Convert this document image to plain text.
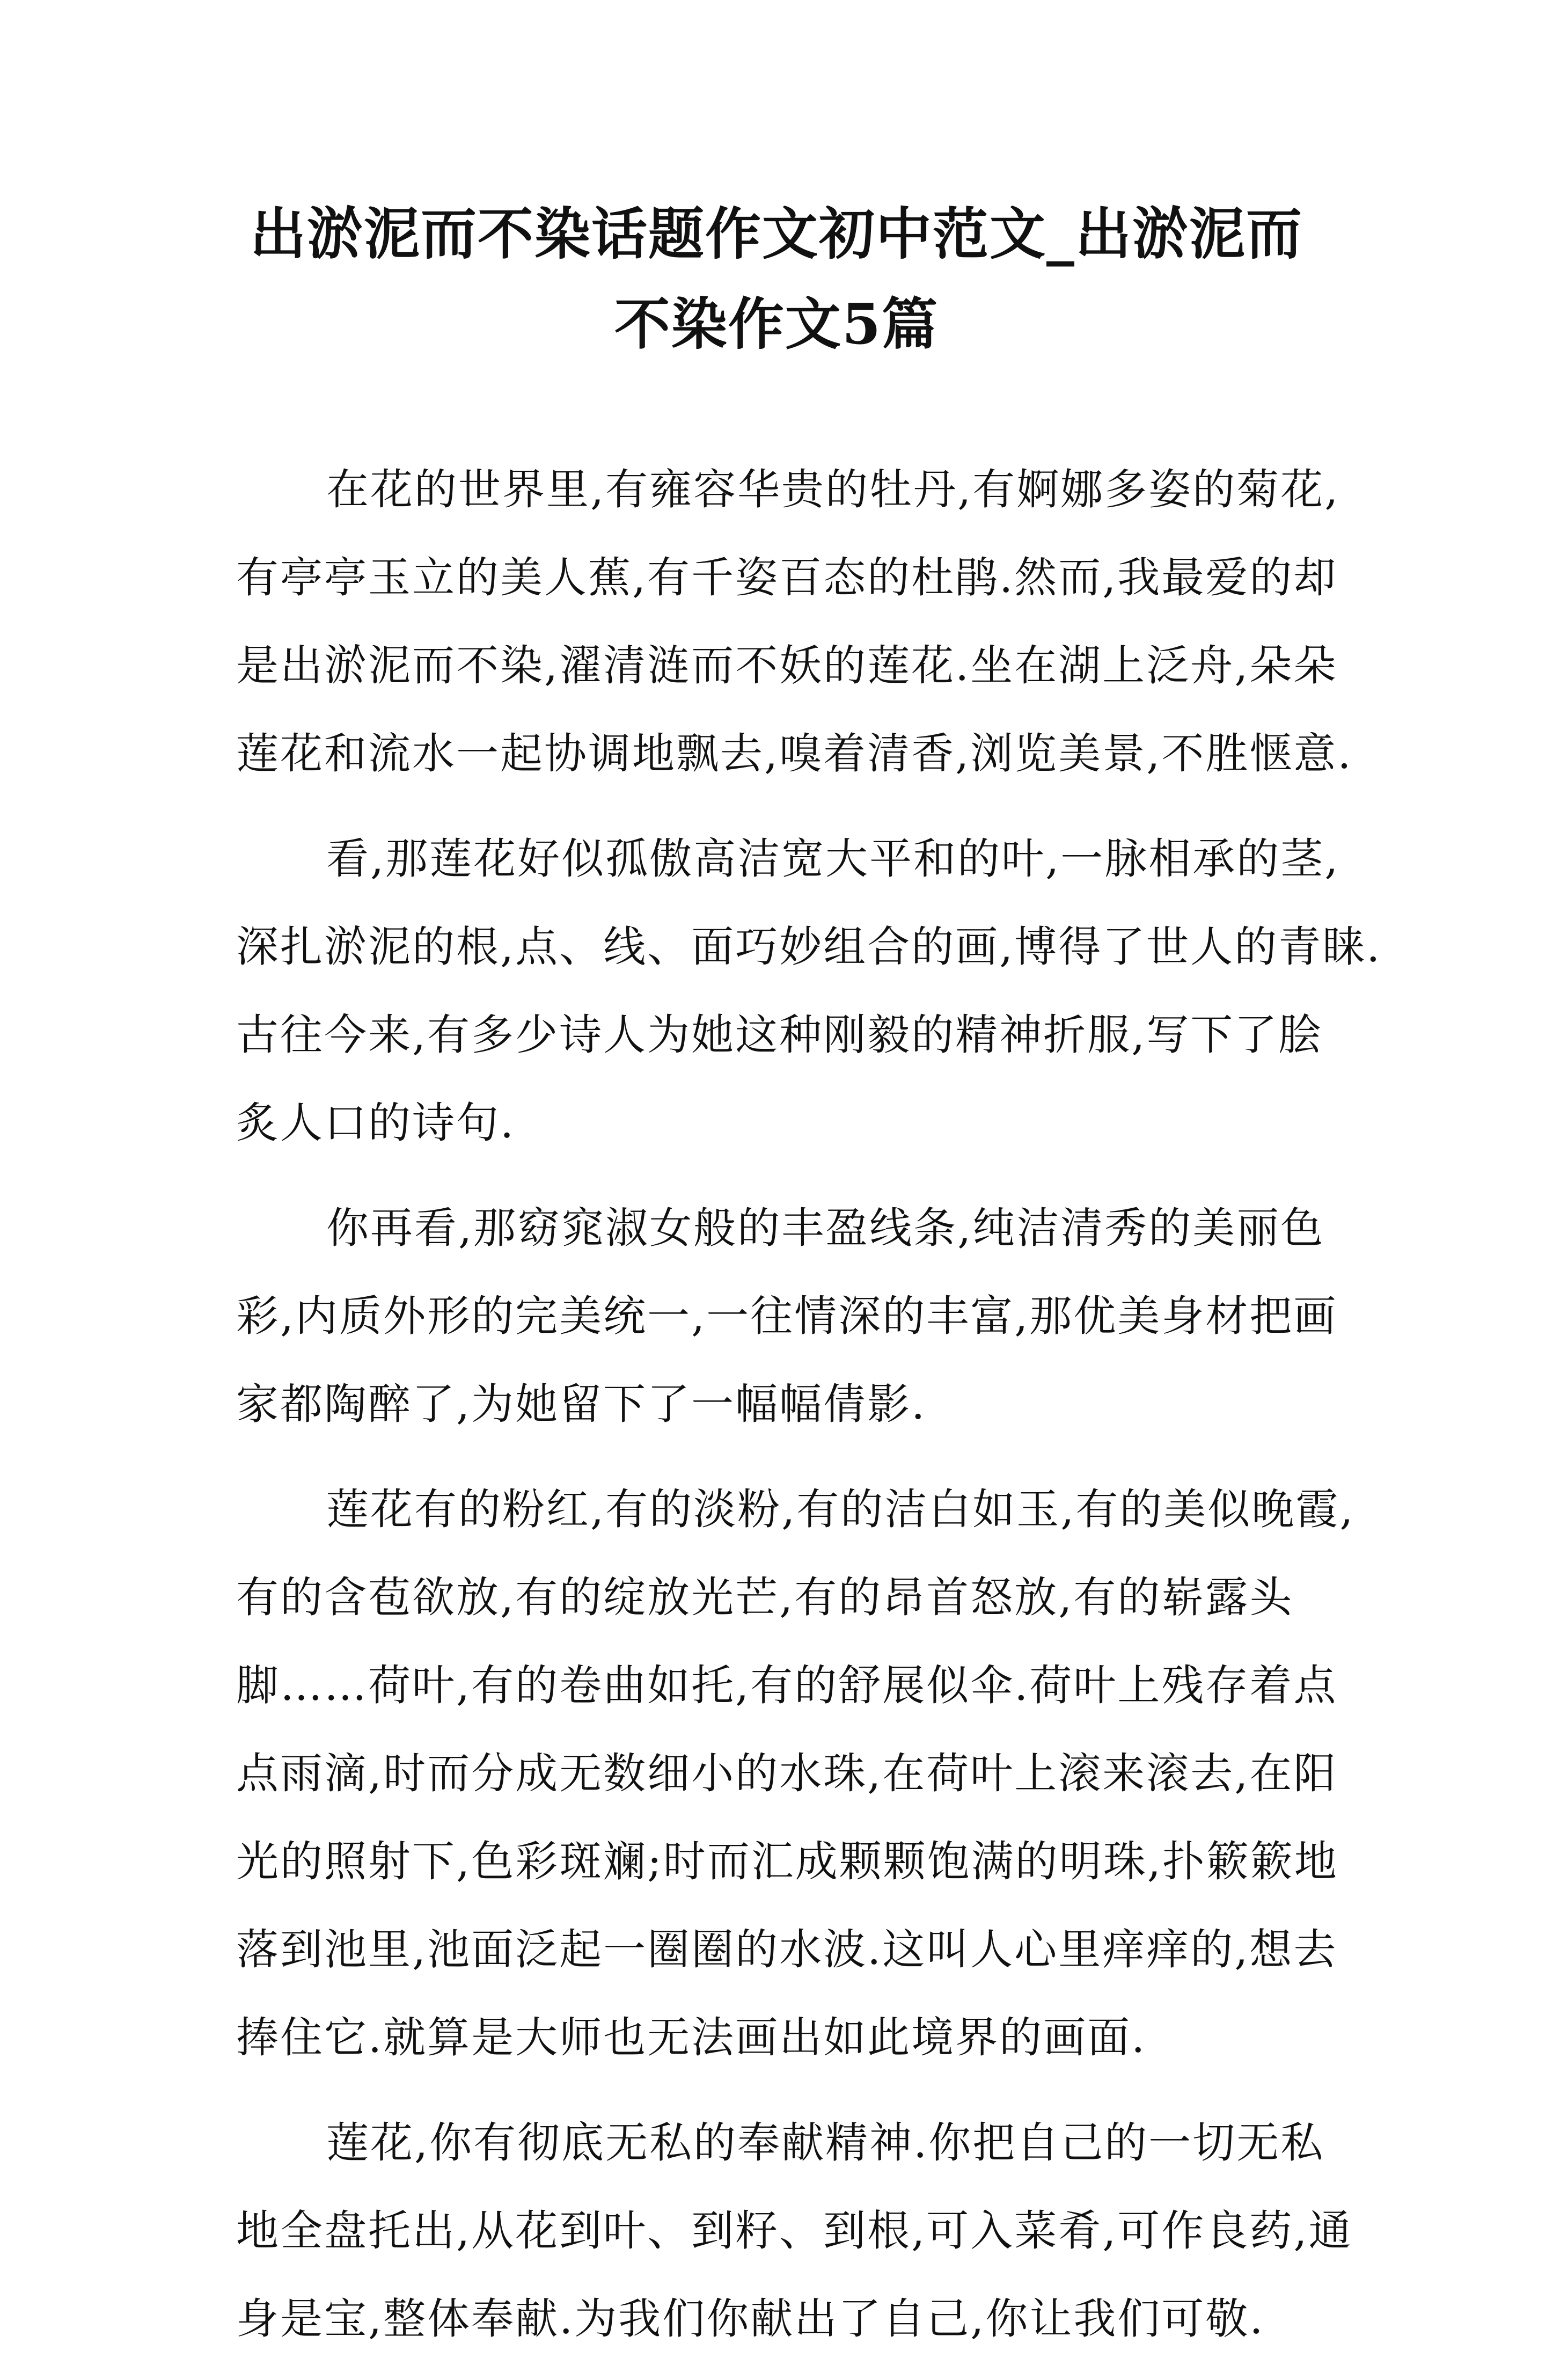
出淤泥而不染话题作文初中范文_出淤泥而
不染作文5篇

在花的世界里,有雍容华贵的牡丹,有婀娜多姿的菊花,
有亭亭玉立的美人蕉,有千姿百态的杜鹃.然而,我最爱的却
是出淤泥而不染,濯清涟而不妖的莲花.坐在湖上泛舟,朵朵
莲花和流水一起协调地飘去,嗅着清香,浏览美景,不胜惬意.

看,那莲花好似孤傲高洁宽大平和的叶,一脉相承的茎,
深扎淤泥的根,点、线、面巧妙组合的画,博得了世人的青睐.
古往今来,有多少诗人为她这种刚毅的精神折服,写下了脍
炙人口的诗句.

你再看,那窈窕淑女般的丰盈线条,纯洁清秀的美丽色
彩,内质外形的完美统一,一往情深的丰富,那优美身材把画
家都陶醉了,为她留下了一幅幅倩影.

莲花有的粉红,有的淡粉,有的洁白如玉,有的美似晚霞,
有的含苞欲放,有的绽放光芒,有的昂首怒放,有的崭露头
脚……荷叶,有的卷曲如托,有的舒展似伞.荷叶上残存着点
点雨滴,时而分成无数细小的水珠,在荷叶上滚来滚去,在阳
光的照射下,色彩斑斓;时而汇成颗颗饱满的明珠,扑簌簌地
落到池里,池面泛起一圈圈的水波.这叫人心里痒痒的,想去
捧住它.就算是大师也无法画出如此境界的画面.

莲花,你有彻底无私的奉献精神.你把自己的一切无私
地全盘托出,从花到叶、到籽、到根,可入菜肴,可作良药,通
身是宝,整体奉献.为我们你献出了自己,你让我们可敬.
